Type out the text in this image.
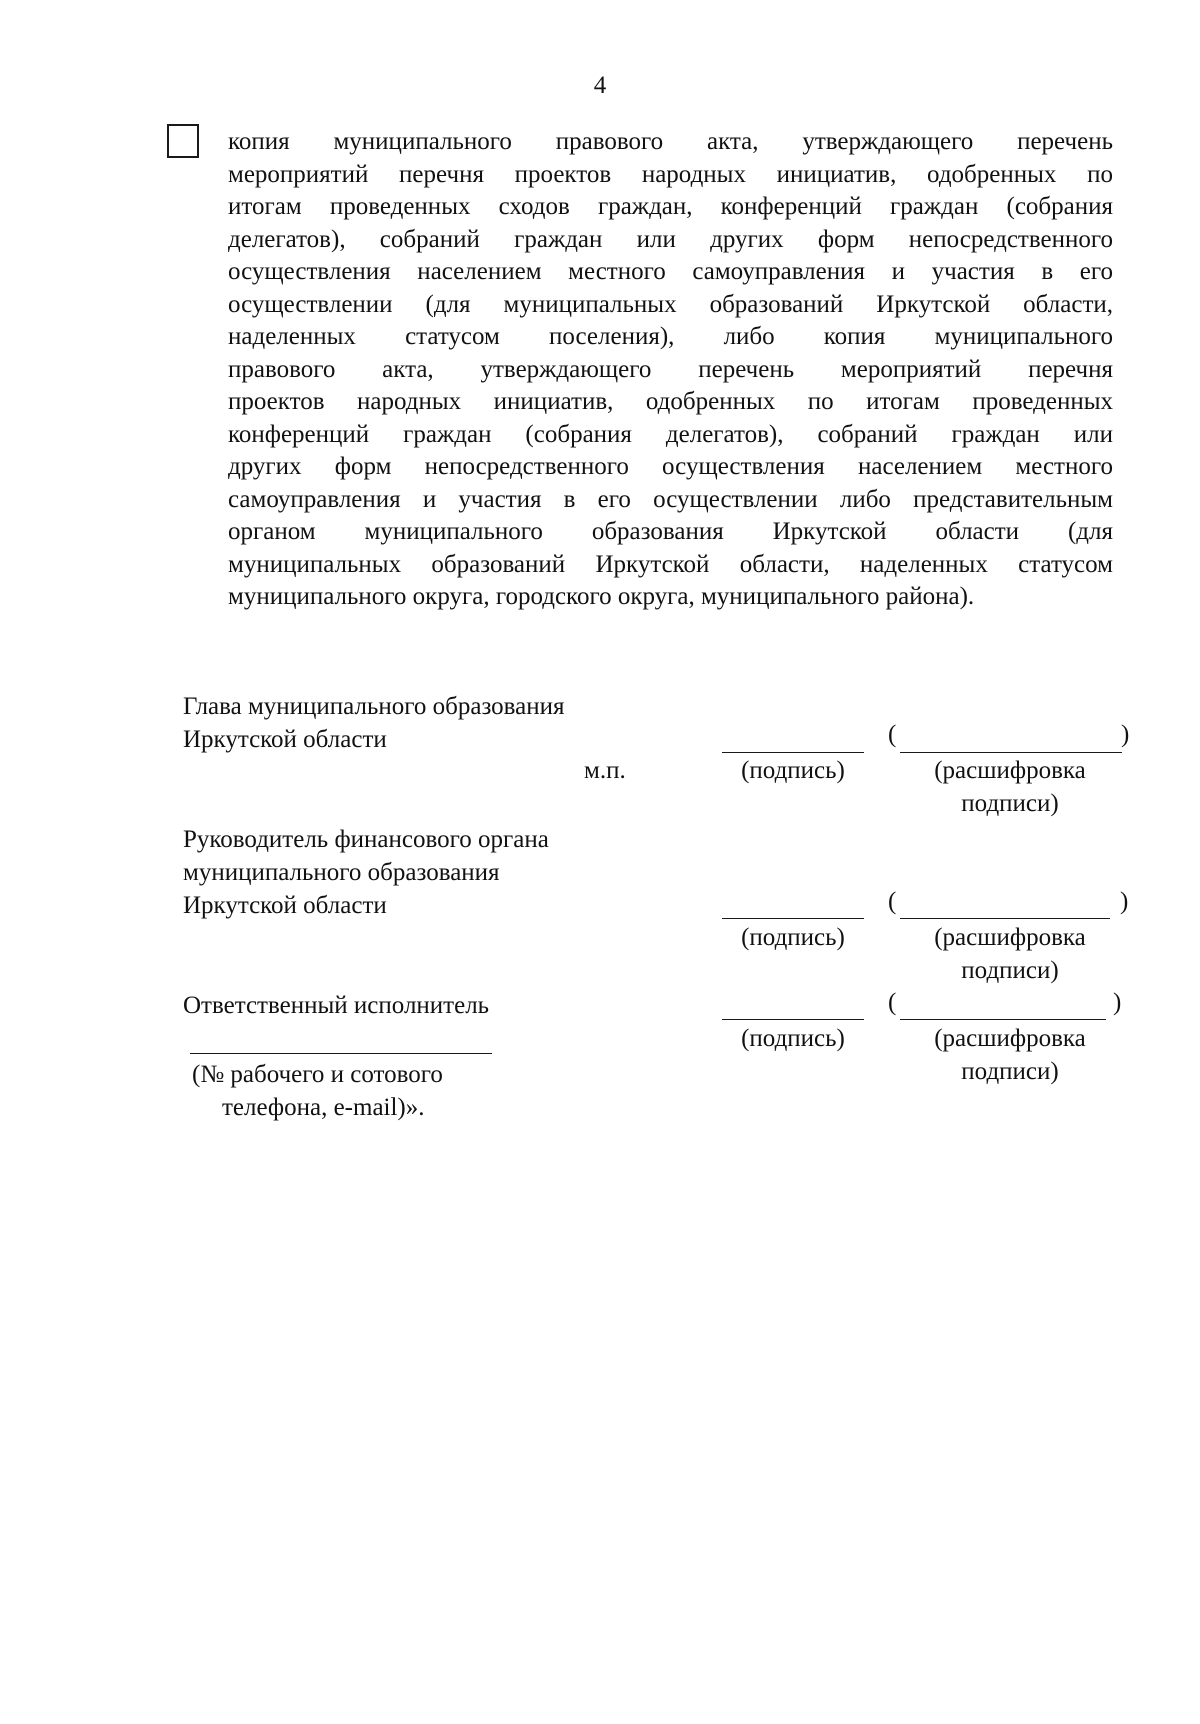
4

копия муниципального правового акта, утверждающего перечень
мероприятий перечня проектов народных инициатив, одобренных по
итогам проведенных сходов граждан, конференций граждан (собрания
делегатов), собраний граждан или других форм непосредственного
осуществления населением местного самоуправления и участия в его
осуществлении (для муниципальных образований Иркутской области,
наделенных статусом поселения), либо копия муниципального
правового акта, утверждающего перечень мероприятий перечня
проектов народных инициатив, одобренных по итогам проведенных
конференций граждан (собрания делегатов), собраний граждан или
других форм непосредственного осуществления населением местного
самоуправления и участия в его осуществлении либо представительным
органом муниципального образования Иркутской области (для
муниципальных образований Иркутской области, наделенных статусом
муниципального округа, городского округа, муниципального района).

Глава муниципального образования
Иркутской области	(	)
м.п.	(подпись)	(расшифровка
подписи)
Руководитель финансового органа
муниципального образования
Иркутской области	(	)
(подпись)	(расшифровка
подписи)
Ответственный исполнитель	(	)
(подпись)	(расшифровка
подписи)
(№ рабочего и сотового
телефона, e-mail)».
